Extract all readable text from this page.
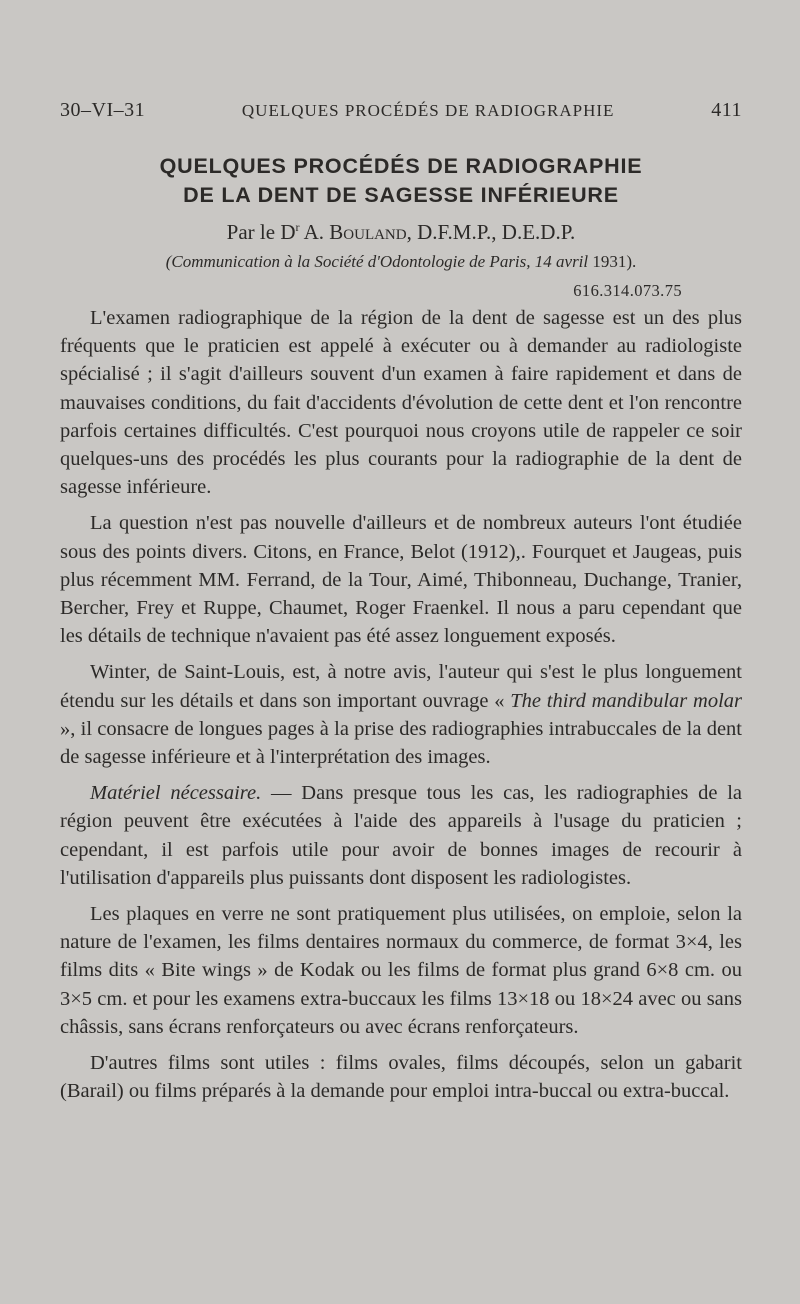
30–VI–31	QUELQUES PROCÉDÉS DE RADIOGRAPHIE	411
QUELQUES PROCÉDÉS DE RADIOGRAPHIE
DE LA DENT DE SAGESSE INFÉRIEURE
Par le $D^r$ A. Bouland, D.F.M.P., D.E.D.P.
(Communication à la Société d'Odontologie de Paris, 14 avril 1931).
616.314.073.75

L'examen radiographique de la région de la dent de sagesse est un des plus fréquents que le praticien est appelé à exécuter ou à demander au radiologiste spécialisé ; il s'agit d'ailleurs souvent d'un examen à faire rapidement et dans de mauvaises conditions, du fait d'accidents d'évolution de cette dent et l'on rencontre parfois certaines difficultés. C'est pourquoi nous croyons utile de rappeler ce soir quelques-uns des procédés les plus courants pour la radiographie de la dent de sagesse inférieure.

La question n'est pas nouvelle d'ailleurs et de nombreux auteurs l'ont étudiée sous des points divers. Citons, en France, Belot (1912),. Fourquet et Jaugeas, puis plus récemment MM. Ferrand, de la Tour, Aimé, Thibonneau, Duchange, Tranier, Bercher, Frey et Ruppe, Chaumet, Roger Fraenkel. Il nous a paru cependant que les détails de technique n'avaient pas été assez longuement exposés.

Winter, de Saint-Louis, est, à notre avis, l'auteur qui s'est le plus longuement étendu sur les détails et dans son important ouvrage « The third mandibular molar », il consacre de longues pages à la prise des radiographies intrabuccales de la dent de sagesse inférieure et à l'interprétation des images.

Matériel nécessaire. — Dans presque tous les cas, les radiographies de la région peuvent être exécutées à l'aide des appareils à l'usage du praticien ; cependant, il est parfois utile pour avoir de bonnes images de recourir à l'utilisation d'appareils plus puissants dont disposent les radiologistes.

Les plaques en verre ne sont pratiquement plus utilisées, on emploie, selon la nature de l'examen, les films dentaires normaux du commerce, de format 3×4, les films dits « Bite wings » de Kodak ou les films de format plus grand 6×8 cm. ou 3×5 cm. et pour les examens extra-buccaux les films 13×18 ou 18×24 avec ou sans châssis, sans écrans renforçateurs ou avec écrans renforçateurs.

D'autres films sont utiles : films ovales, films découpés, selon un gabarit (Barail) ou films préparés à la demande pour emploi intra-buccal ou extra-buccal.
